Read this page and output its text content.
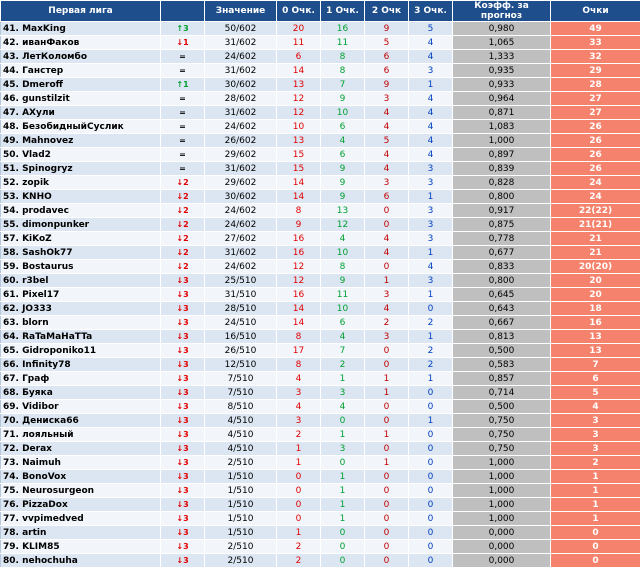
Первая лига		Значение	0 Очк.	1 Очк.	2 Очк	3 Очк.	Коэфф. за прогноз	Очки
41. MaxKing	↑3	50/602	20	16	9	5	0,980	49
42. иванФаков	↓1	31/602	11	11	5	4	1,065	33
43. ЛетКоломбо	=	24/602	6	8	6	4	1,333	32
44. Ганстер	=	31/602	14	8	6	3	0,935	29
45. Dmeroff	↑1	30/602	13	7	9	1	0,933	28
46. gunstilzit	=	28/602	12	9	3	4	0,964	27
47. АХули	=	31/602	12	10	4	4	0,871	27
48. БезобидныйСуслик	=	24/602	10	6	4	4	1,083	26
49. Mahnovez	=	26/602	13	4	5	4	1,000	26
50. Vlad2	=	29/602	15	6	4	4	0,897	26
51. Spinogryz	=	31/602	15	9	4	3	0,839	26
52. zopik	↓2	29/602	14	9	3	3	0,828	24
53. KNHO	↓2	30/602	14	9	6	1	0,800	24
54. prodavec	↓2	24/602	8	13	0	3	0,917	22(22)
55. dimonpunker	↓2	24/602	9	12	0	3	0,875	21(21)
57. KiKoZ	↓2	27/602	16	4	4	3	0,778	21
58. SashOk77	↓2	31/602	16	10	4	1	0,677	21
59. Bostaurus	↓2	24/602	12	8	0	4	0,833	20(20)
60. r3bel	↓3	25/510	12	9	1	3	0,800	20
61. Pixel17	↓3	31/510	16	11	3	1	0,645	20
62. JO333	↓3	28/510	14	10	4	0	0,643	18
63. blorn	↓3	24/510	14	6	2	2	0,667	16
64. RaTaMaHaTTa	↓3	16/510	8	4	3	1	0,813	13
65. Gidroponiko11	↓3	26/510	17	7	0	2	0,500	13
66. Infinity78	↓3	12/510	8	2	0	2	0,583	7
67. Граф	↓3	7/510	4	1	1	1	0,857	6
68. Буяка	↓3	7/510	3	3	1	0	0,714	5
69. Vidibor	↓3	8/510	4	4	0	0	0,500	4
70. Дениска66	↓3	4/510	3	0	0	1	0,750	3
71. лояльный	↓3	4/510	2	1	1	0	0,750	3
72. Derax	↓3	4/510	1	3	0	0	0,750	3
73. Naimuh	↓3	2/510	1	0	1	0	1,000	2
74. BonoVox	↓3	1/510	0	1	0	0	1,000	1
75. Neurosurgeon	↓3	1/510	0	1	0	0	1,000	1
76. PizzaDox	↓3	1/510	0	1	0	0	1,000	1
77. vvpimedved	↓3	1/510	0	1	0	0	1,000	1
78. artin	↓3	1/510	1	0	0	0	0,000	0
79. KLIM85	↓3	2/510	2	0	0	0	0,000	0
80. nehochuha	↓3	2/510	2	0	0	0	0,000	0
